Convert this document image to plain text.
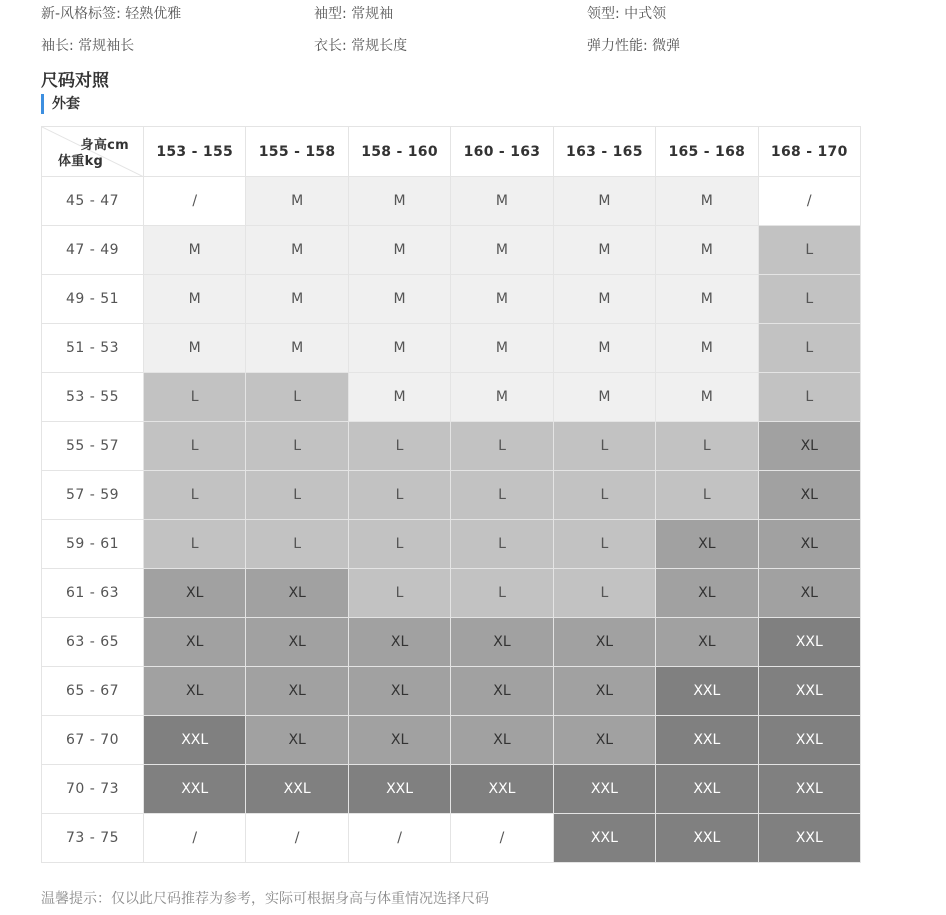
新-风格标签: 轻熟优雅	袖型: 常规袖	领型: 中式领
袖长: 常规袖长	衣长: 常规长度	弹力性能: 微弹
尺码对照
外套
身高cm
体重kg	153 - 155	155 - 158	158 - 160	160 - 163	163 - 165	165 - 168	168 - 170
45 - 47	/	M	M	M	M	M	/
47 - 49	M	M	M	M	M	M	L
49 - 51	M	M	M	M	M	M	L
51 - 53	M	M	M	M	M	M	L
53 - 55	L	L	M	M	M	M	L
55 - 57	L	L	L	L	L	L	XL
57 - 59	L	L	L	L	L	L	XL
59 - 61	L	L	L	L	L	XL	XL
61 - 63	XL	XL	L	L	L	XL	XL
63 - 65	XL	XL	XL	XL	XL	XL	XXL
65 - 67	XL	XL	XL	XL	XL	XXL	XXL
67 - 70	XXL	XL	XL	XL	XL	XXL	XXL
70 - 73	XXL	XXL	XXL	XXL	XXL	XXL	XXL
73 - 75	/	/	/	/	XXL	XXL	XXL
温馨提示：仅以此尺码推荐为参考，实际可根据身高与体重情况选择尺码
